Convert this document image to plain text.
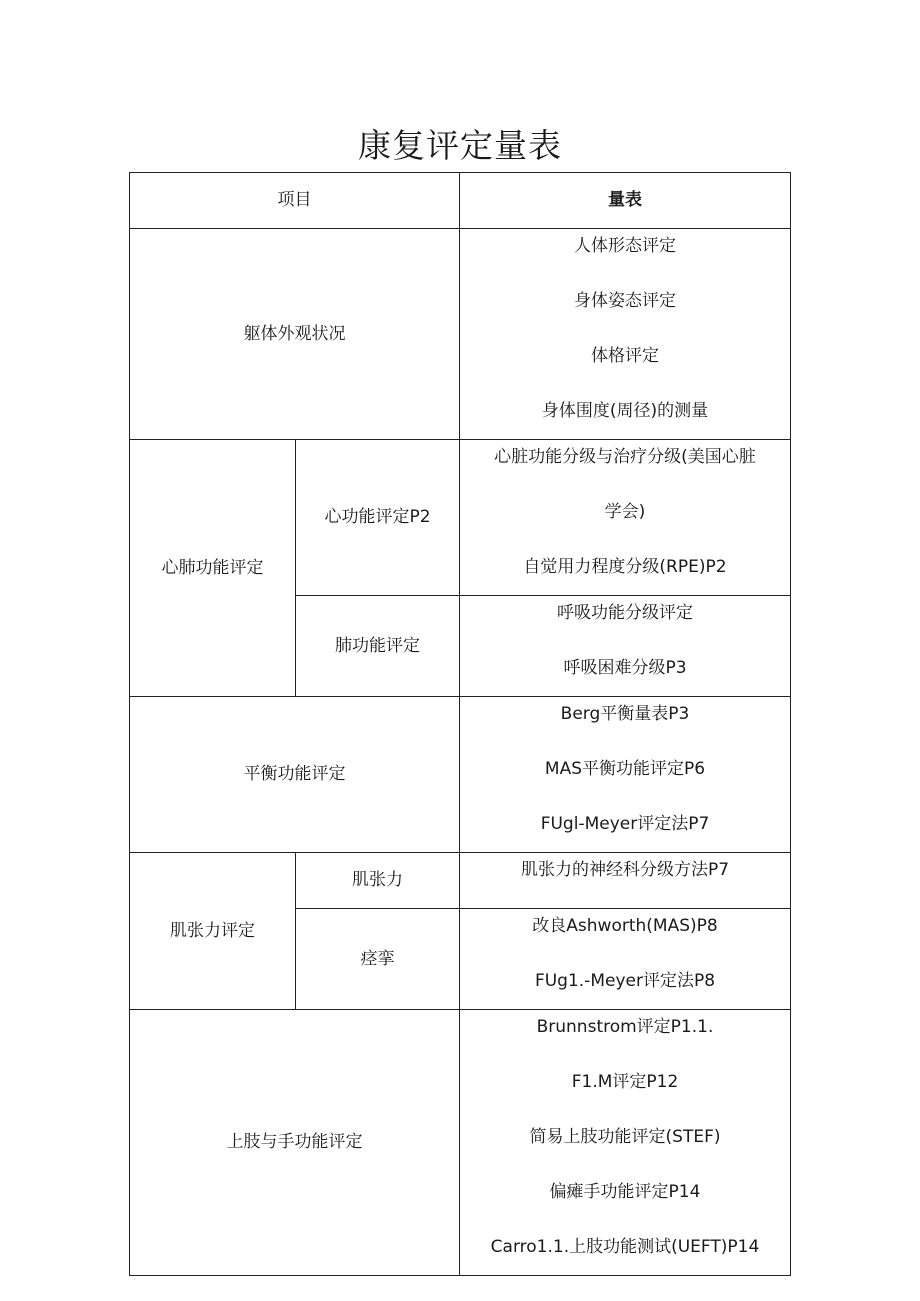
康复评定量表
项目		量表
躯体外观状况		人体形态评定
身体姿态评定
体格评定
身体围度(周径)的测量

心肺功能评定	心功能评定P2	心脏功能分级与治疗分级(美国心脏
学会)
自觉用力程度分级(RPE)P2

	肺功能评定	呼吸功能分级评定
呼吸困难分级P3

平衡功能评定		Berg平衡量表P3
MAS平衡功能评定P6
FUgl-Meyer评定法P7

肌张力评定	肌张力	肌张力的神经科分级方法P7

	痉挛	改良Ashworth(MAS)P8
FUg1.-Meyer评定法P8

上肢与手功能评定		Brunnstrom评定P1.1.
F1.M评定P12
简易上肢功能评定(STEF)
偏瘫手功能评定P14
Carro1.1.上肢功能测试(UEFT)P14
